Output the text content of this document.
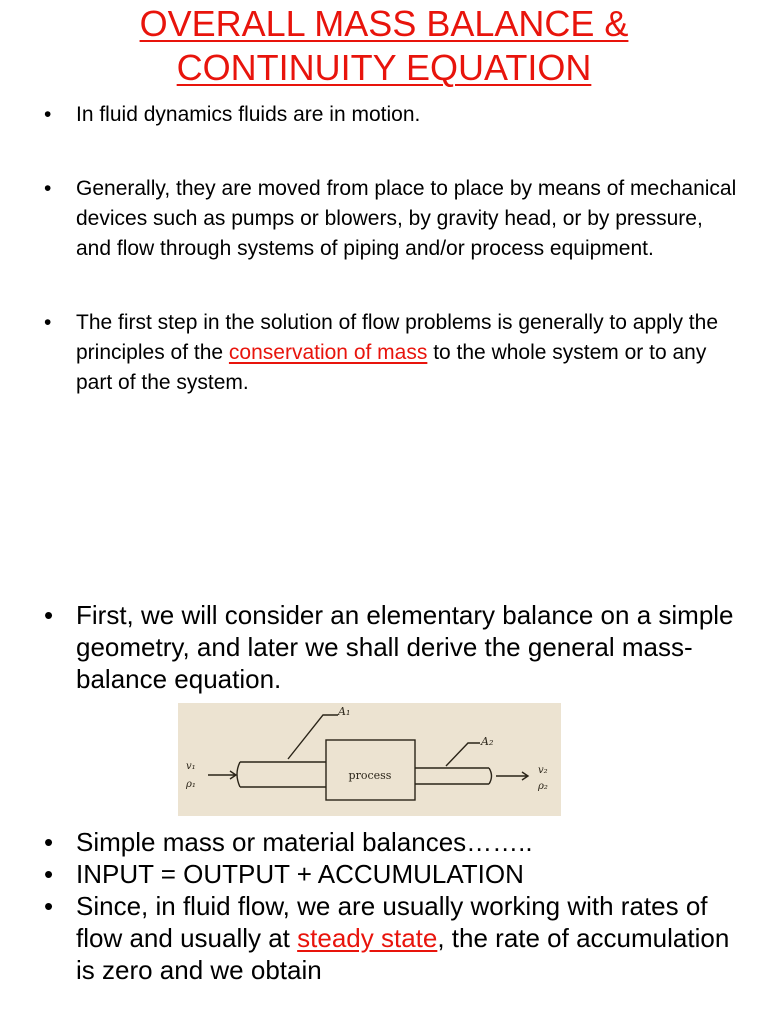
OVERALL MASS BALANCE &
CONTINUITY EQUATION
• In fluid dynamics fluids are in motion.
• Generally, they are moved from place to place by means of mechanical devices such as pumps or blowers, by gravity head, or by pressure, and flow through systems of piping and/or process equipment.
• The first step in the solution of flow problems is generally to apply the principles of the conservation of mass to the whole system or to any part of the system.
• First, we will consider an elementary balance on a simple geometry, and later we shall derive the general mass-balance equation.
A₁
A₂
process
v₁
ρ₁
v₂
ρ₂
• Simple mass or material balances……..
• INPUT = OUTPUT + ACCUMULATION
• Since, in fluid flow, we are usually working with rates of flow and usually at steady state, the rate of accumulation is zero and we obtain
